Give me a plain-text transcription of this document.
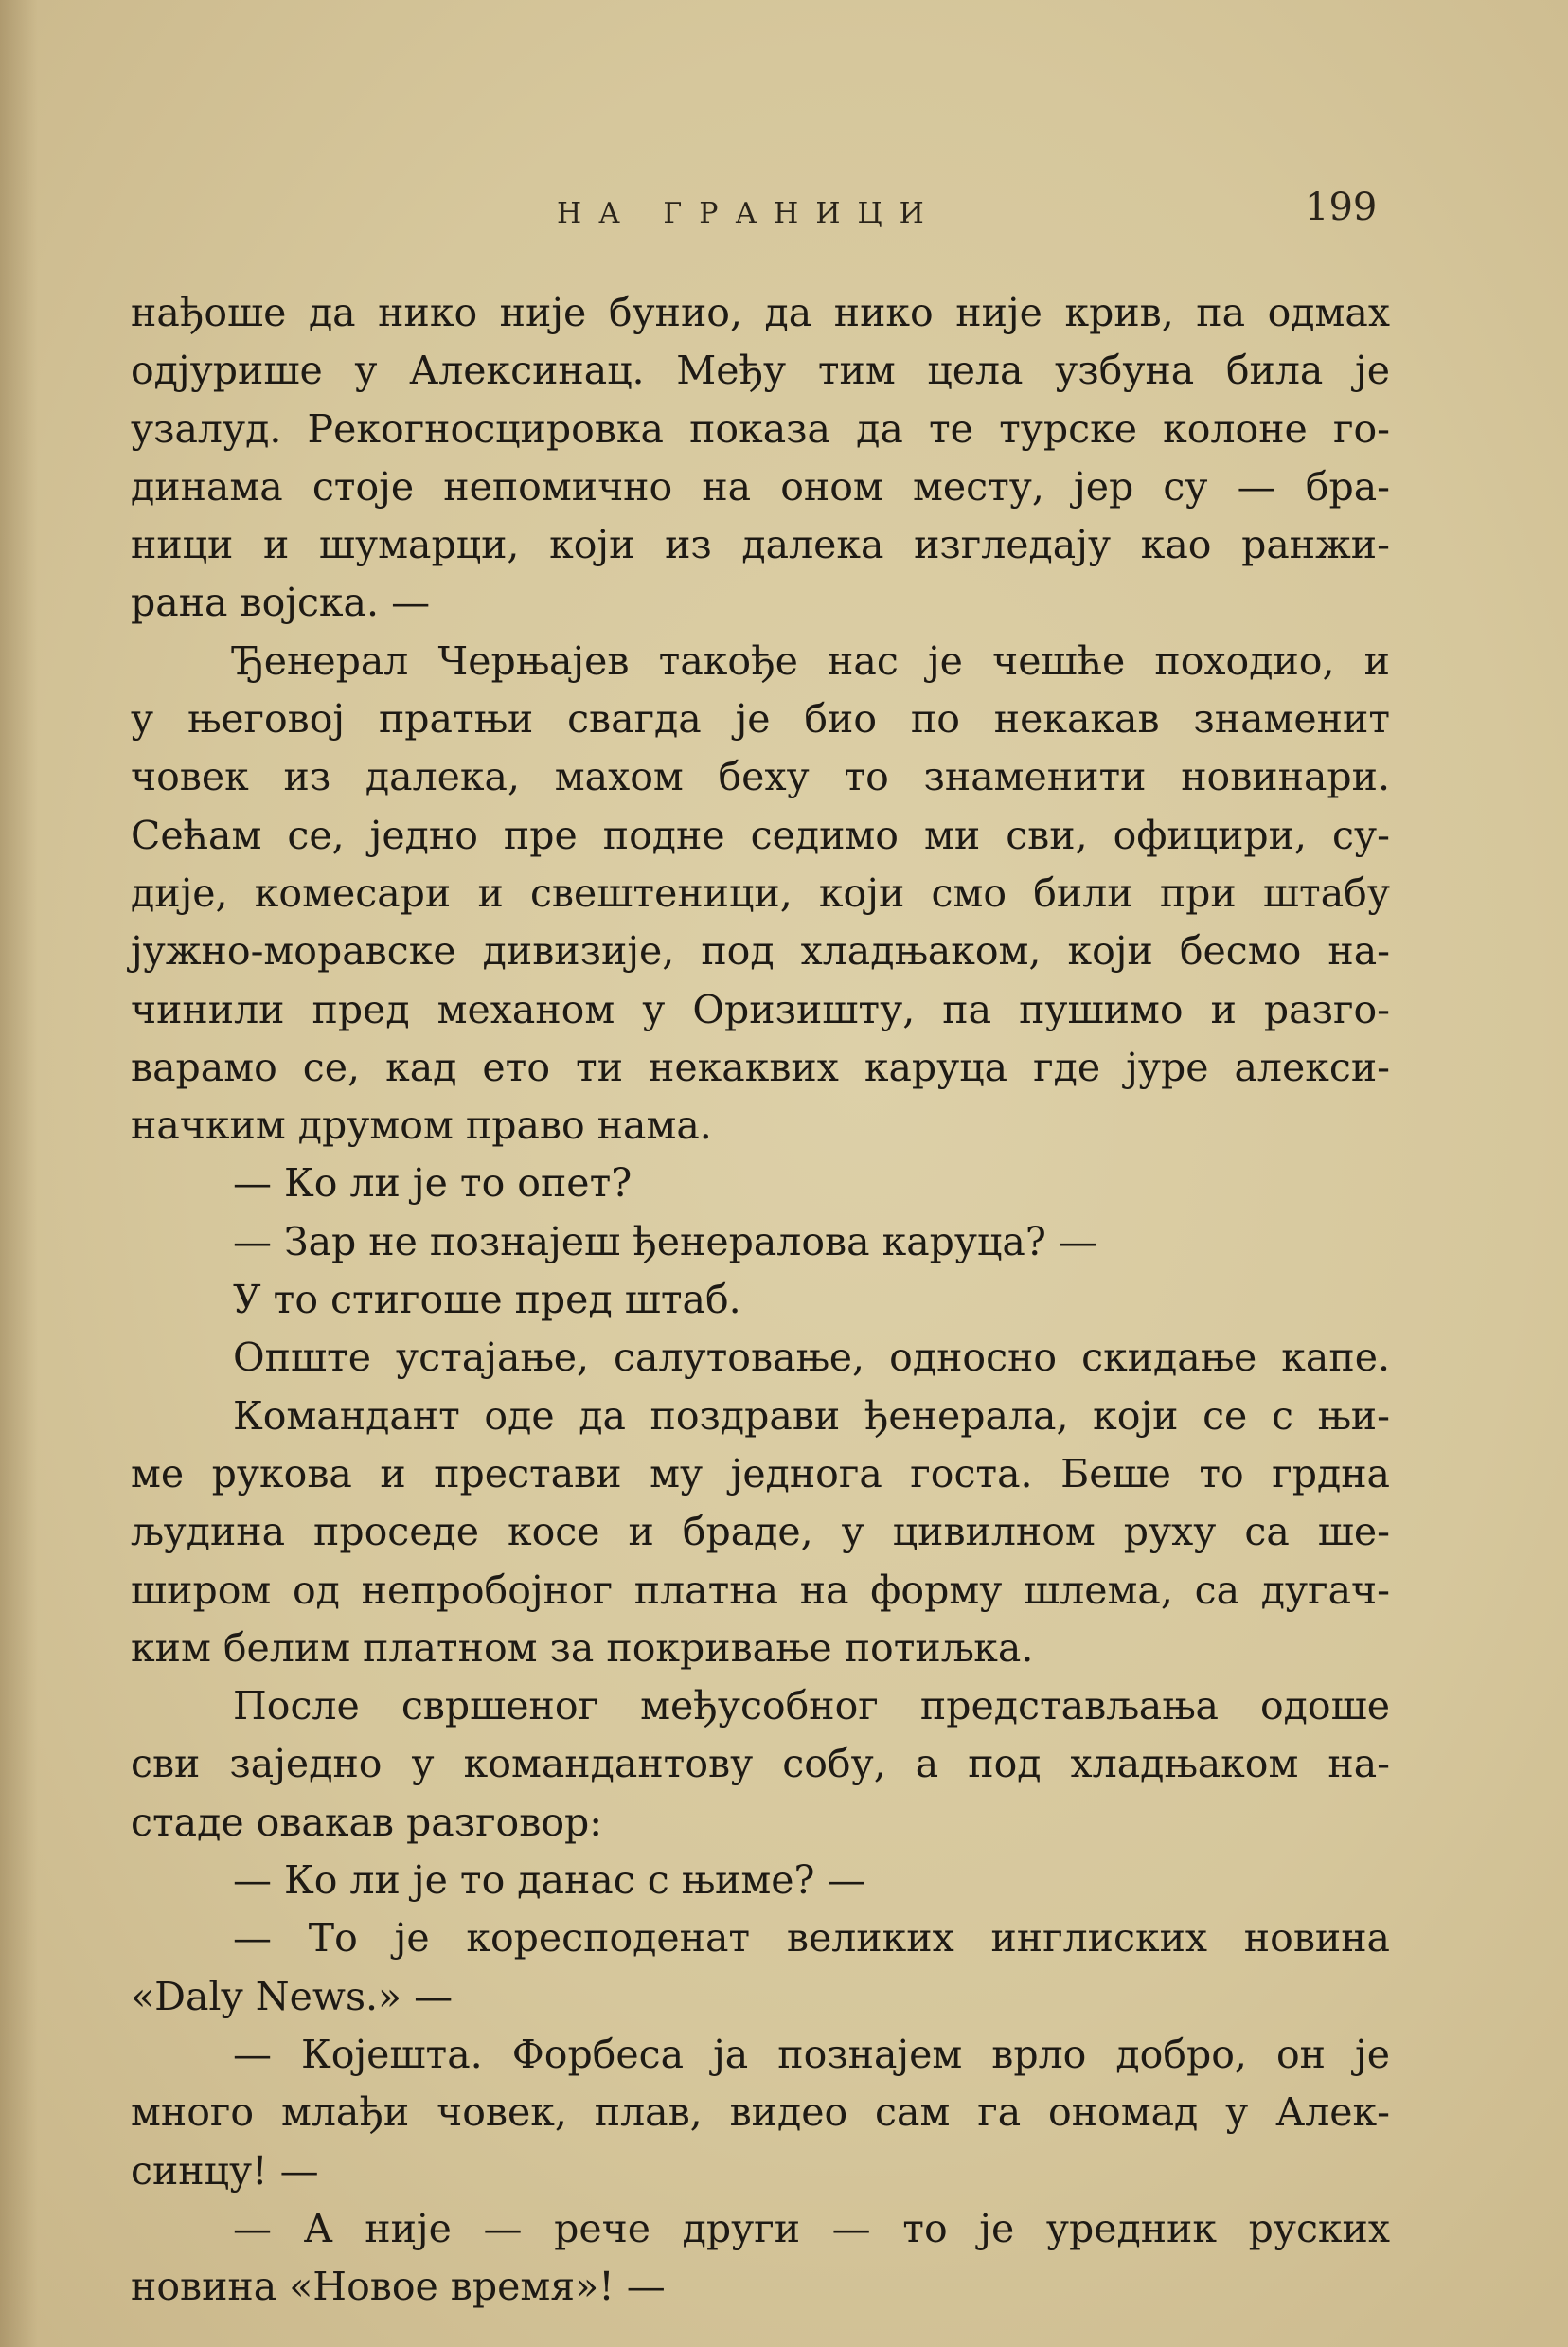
НА ГРАНИЦИ	199
нађоше да нико није бунио, да нико није крив, па одмах
одјурише у Алексинац. Међу тим цела узбуна била је
узалуд. Рекогносцировка показа да те турске колоне го-
динама стоје непомично на оном месту, јер су — бра-
ници и шумарци, који из далека изгледају као ранжи-
рана војска. —
Ђенерал Черњајев такође нас је чешће походио, и
у његовој пратњи свагда је био по некакав знаменит
човек из далека, махом беху то знаменити новинари.
Сећам се, једно пре подне седимо ми сви, официри, су-
дије, комесари и свештеници, који смо били при штабу
јужно-моравске дивизије, под хладњаком, који бесмо на-
чинили пред механом у Оризишту, па пушимо и разго-
варамо се, кад ето ти некаквих каруца где јуре алекси-
начким друмом право нама.
— Ко ли је то опет?
— Зар не познајеш ђенералова каруца? —
У то стигоше пред штаб.
Опште устајање, салутовање, односно скидање капе.
Командант оде да поздрави ђенерала, који се с њи-
ме рукова и престави му једнога госта. Беше то грдна
људина проседе косе и браде, у цивилном руху са ше-
широм од непробојног платна на форму шлема, са дугач-
ким белим платном за покривање потиљка.
После свршеног међусобног представљања одоше
сви заједно у командантову собу, а под хладњаком на-
стаде овакав разговор:
— Ко ли је то данас с њиме? —
— То је коресподенат великих инглиских новина
«Daly News.» —
— Којешта. Форбеса ја познајем врло добро, он је
много млађи човек, плав, видео сам га ономад у Алек-
синцу! —
— А није — рече други — то је уредник руских
новина «Новое время»! —
